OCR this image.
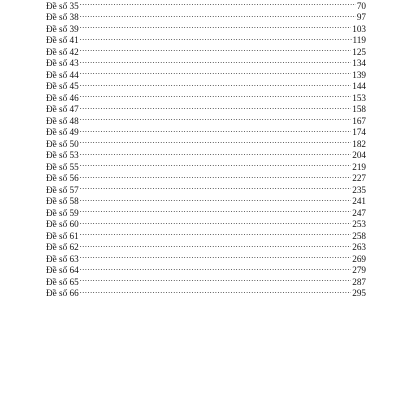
Đề số 35 .....	70
Đề số 38 .....	97
Đề số 39 .....	103
Đề số 41 .....	119
Đề số 42 .....	125
Đề số 43 .....	134
Đề số 44 .....	139
Đề số 45 .....	144
Đề số 46 .....	153
Đề số 47 .....	158
Đề số 48 .....	167
Đề số 49 .....	174
Đề số 50 .....	182
Đề số 53 .....	204
Đề số 55 .....	219
Đề số 56 .....	227
Đề số 57 .....	235
Đề số 58 .....	241
Đề số 59 .....	247
Đề số 60 .....	253
Đề số 61 .....	258
Đề số 62 .....	263
Đề số 63 .....	269
Đề số 64 .....	279
Đề số 65 .....	287
Đề số 66 .....	295
